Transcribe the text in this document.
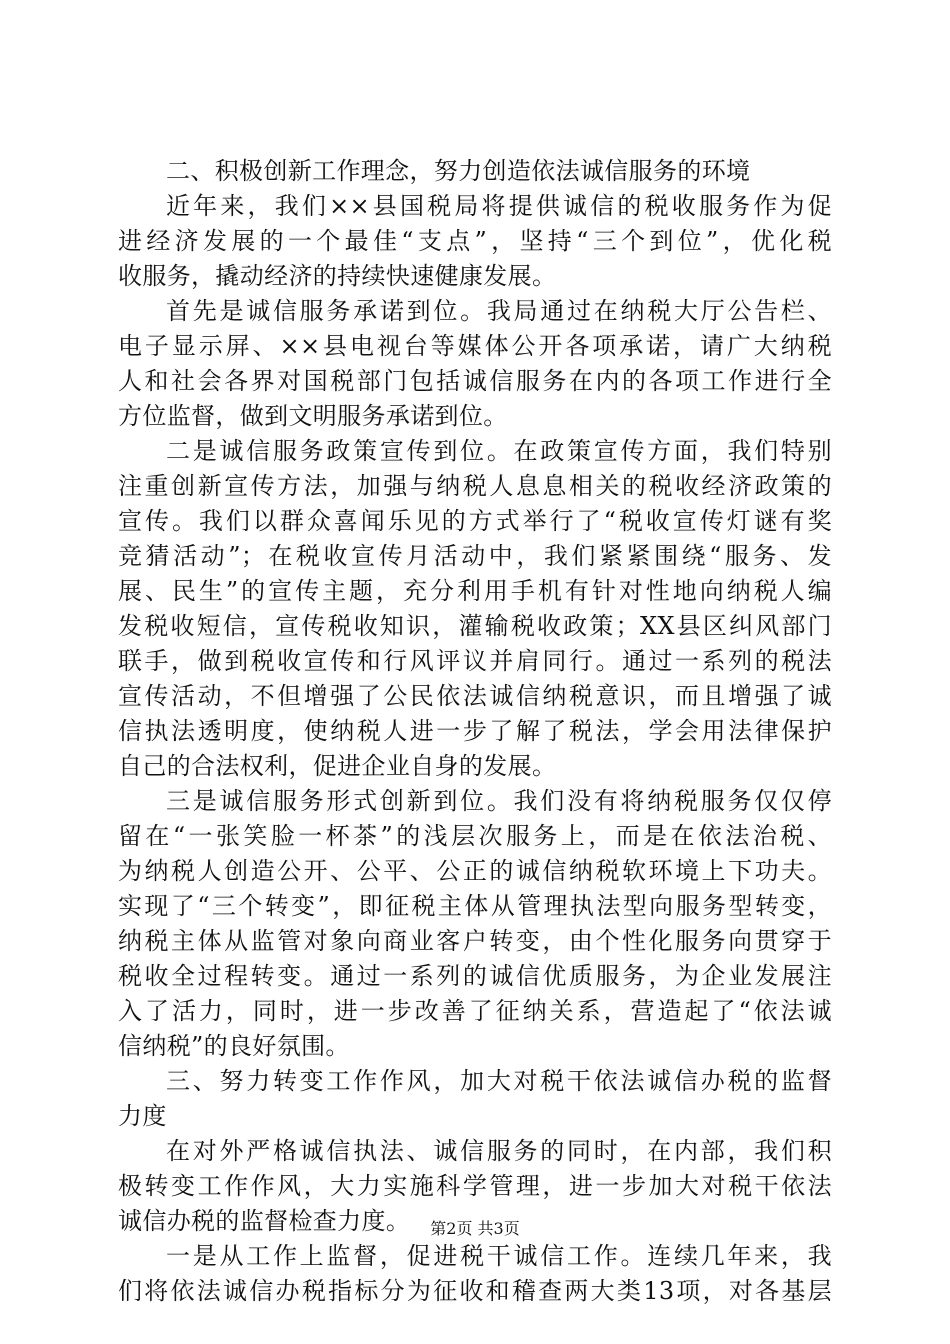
二、积极创新工作理念，努力创造依法诚信服务的环境
近年来，我们××县国税局将提供诚信的税收服务作为促
进经济发展的一个最佳“支点”，坚持“三个到位”，优化税
收服务，撬动经济的持续快速健康发展。
首先是诚信服务承诺到位。我局通过在纳税大厅公告栏、
电子显示屏、××县电视台等媒体公开各项承诺，请广大纳税
人和社会各界对国税部门包括诚信服务在内的各项工作进行全
方位监督，做到文明服务承诺到位。
二是诚信服务政策宣传到位。在政策宣传方面，我们特别
注重创新宣传方法，加强与纳税人息息相关的税收经济政策的
宣传。我们以群众喜闻乐见的方式举行了“税收宣传灯谜有奖
竞猜活动”；在税收宣传月活动中，我们紧紧围绕“服务、发
展、民生”的宣传主题，充分利用手机有针对性地向纳税人编
发税收短信，宣传税收知识，灌输税收政策；XX县区纠风部门
联手，做到税收宣传和行风评议并肩同行。通过一系列的税法
宣传活动，不但增强了公民依法诚信纳税意识，而且增强了诚
信执法透明度，使纳税人进一步了解了税法，学会用法律保护
自己的合法权利，促进企业自身的发展。
三是诚信服务形式创新到位。我们没有将纳税服务仅仅停
留在“一张笑脸一杯茶”的浅层次服务上，而是在依法治税、
为纳税人创造公开、公平、公正的诚信纳税软环境上下功夫。
实现了“三个转变”，即征税主体从管理执法型向服务型转变，
纳税主体从监管对象向商业客户转变，由个性化服务向贯穿于
税收全过程转变。通过一系列的诚信优质服务，为企业发展注
入了活力，同时，进一步改善了征纳关系，营造起了“依法诚
信纳税”的良好氛围。
三、努力转变工作作风，加大对税干依法诚信办税的监督
力度
在对外严格诚信执法、诚信服务的同时，在内部，我们积
极转变工作作风，大力实施科学管理，进一步加大对税干依法
诚信办税的监督检查力度。
一是从工作上监督，促进税干诚信工作。连续几年来，我
们将依法诚信办税指标分为征收和稽查两大类13项，对各基层
第2页 共3页
